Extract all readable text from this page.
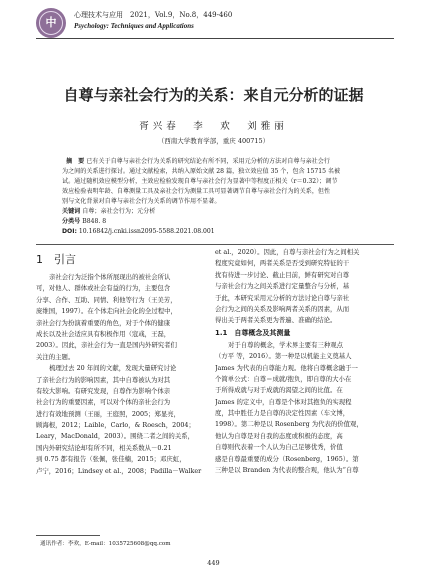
中
心理技术与应用　2021，Vol.9，No.8，449-460
Psychology: Techniques and Applications
自尊与亲社会行为的关系：来自元分析的证据
胥兴春　李　欢　刘雅丽
（西南大学教育学部，重庆 400715）
摘　要 已有关于自尊与亲社会行为关系的研究结论有所不同，采用元分析的方法对自尊与亲社会行
为之间的关系进行探讨。通过文献检索，共纳入原始文献 28 篇，独立效应值 35 个，包含 15715 名被
试。通过随机效应模型分析，主效应检验发现自尊与亲社会行为显著中等程度正相关（r＝0.32）；调节
效应检验表明年龄、自尊测量工具及亲社会行为测量工具可显著调节自尊与亲社会行为的关系，但性
别与文化背景对自尊与亲社会行为关系的调节作用不显著。
关键词 自尊；亲社会行为；元分析
分类号 B848. 8
DOI: 10.16842/j.cnki.issn2095-5588.2021.08.001
1　引言
亲社会行为泛指个体所展现出的被社会所认
可，对他人、群体或社会有益的行为，主要包含
分享、合作、互助、同情、利他等行为（王美芳，
庞维国，1997）。在个体走向社会化的全过程中，
亲社会行为扮演着重要的角色，对于个体的健康
成长以及社会适应具有积极作用（寇彧，王磊，
2003）。因此，亲社会行为一直是国内外研究者们
关注的主题。
梳理过去 20 年间的文献，发现大量研究讨论
了亲社会行为的影响因素，其中自尊被认为对其
有较大影响。有研究发现，自尊作为影响个体亲
社会行为的重要因素，可以对个体的亲社会行为
进行有效地预测（王丽，王庭照，2005；郑显亮，
顾海根，2012；Laible，Carlo，& Roesch，2004；
Leary，MacDonald，2003）。围绕二者之间的关系，
国内外研究结论却有所不同，相关系数从－0.21
到 0.75 都有报告（张佩，张佳楠，2015；邓庆虹，
卢宁，2016；Lindsey et al.，2008；Padilla－Walker
et al.，2020）。因此，自尊与亲社会行为之间相关
程度究竟如何，两者关系是否受到研究特征的干
扰有待进一步讨论、截止目前，鲜有研究对自尊
与亲社会行为之间关系进行定量整合与分析，基
于此，本研究采用元分析的方法讨论自尊与亲社
会行为之间的关系及影响两者关系的因素，从而
得出关于两者关系更为普遍、准确的结论。
1.1　自尊概念及其测量
对于自尊的概念，学术界主要有三种观点
（方平 等，2016）。第一种是以机能主义奠基人
James 为代表的自尊能力观。他将自尊概念融于一
个简单公式：自尊＝成就/抱负，即自尊的大小在
于所得成就与对于成就的渴望之间的比值。在
James 的定义中，自尊是个体对其抱负的实现程
度，其中胜任力是自尊的决定性因素（车文博，
1998）。第二种是以 Rosenberg 为代表的价值观，
他认为自尊是对自我的态度或积极的态度，高
自尊则代表着一个人认为自己足够优秀，价值
感是自尊最重要的成分（Rosenberg，1965）。第
三种是以 Branden 为代表的整合观，他认为“自尊
通讯作者：李欢，E-mail：1035725608@qq.com
449
